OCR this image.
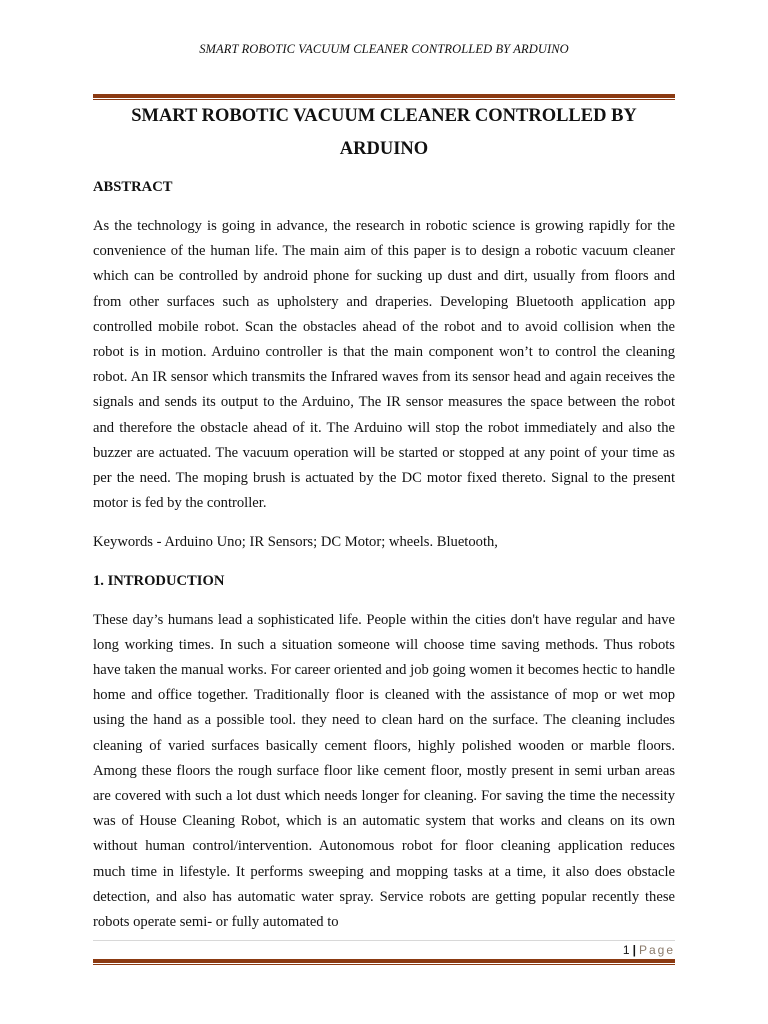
SMART ROBOTIC VACUUM CLEANER CONTROLLED BY ARDUINO
SMART ROBOTIC VACUUM CLEANER CONTROLLED BY ARDUINO
ABSTRACT

As the technology is going in advance, the research in robotic science is growing rapidly for the convenience of the human life. The main aim of this paper is to design a robotic vacuum cleaner which can be controlled by android phone for sucking up dust and dirt, usually from floors and from other surfaces such as upholstery and draperies. Developing Bluetooth application app controlled mobile robot. Scan the obstacles ahead of the robot and to avoid collision when the robot is in motion. Arduino controller is that the main component won’t to control the cleaning robot. An IR sensor which transmits the Infrared waves from its sensor head and again receives the signals and sends its output to the Arduino, The IR sensor measures the space between the robot and therefore the obstacle ahead of it. The Arduino will stop the robot immediately and also the buzzer are actuated. The vacuum operation will be started or stopped at any point of your time as per the need. The moping brush is actuated by the DC motor fixed thereto. Signal to the present motor is fed by the controller.

Keywords - Arduino Uno; IR Sensors; DC Motor; wheels. Bluetooth,

1. INTRODUCTION

These day’s humans lead a sophisticated life. People within the cities don't have regular and have long working times. In such a situation someone will choose time saving methods. Thus robots have taken the manual works. For career oriented and job going women it becomes hectic to handle home and office together. Traditionally floor is cleaned with the assistance of mop or wet mop using the hand as a possible tool. they need to clean hard on the surface. The cleaning includes cleaning of varied surfaces basically cement floors, highly polished wooden or marble floors. Among these floors the rough surface floor like cement floor, mostly present in semi urban areas are covered with such a lot dust which needs longer for cleaning. For saving the time the necessity was of House Cleaning Robot, which is an automatic system that works and cleans on its own without human control/intervention. Autonomous robot for floor cleaning application reduces much time in lifestyle. It performs sweeping and mopping tasks at a time, it also does obstacle detection, and also has automatic water spray. Service robots are getting popular recently these robots operate semi- or fully automated to

1 | Page
